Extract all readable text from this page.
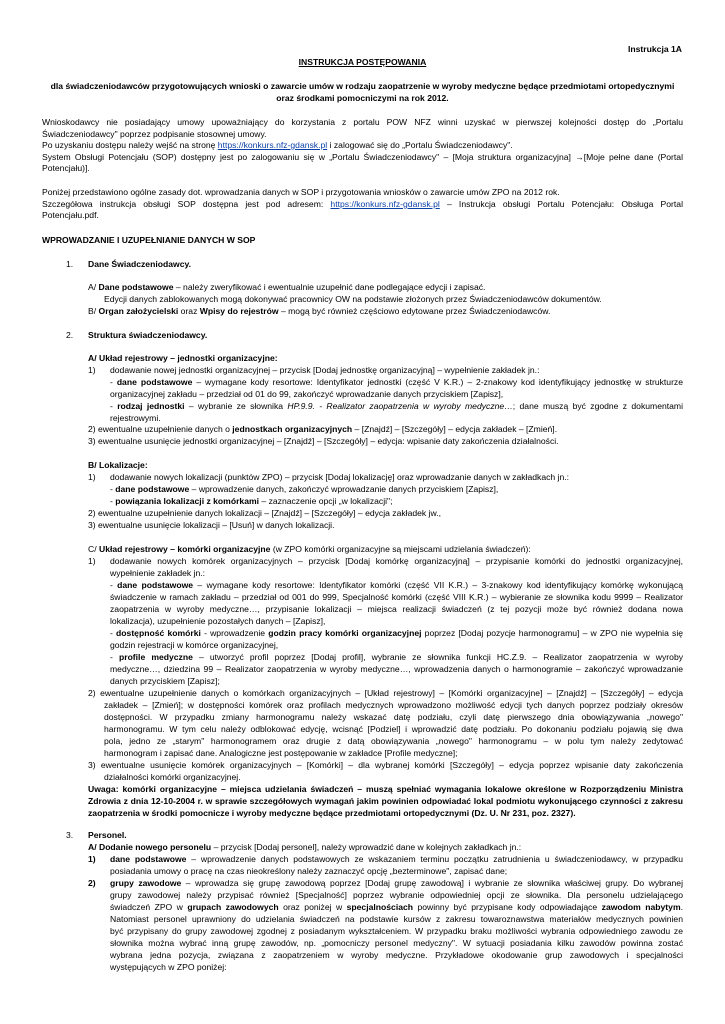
Instrukcja 1A
INSTRUKCJA POSTĘPOWANIA
dla świadczeniodawców przygotowujących wnioski o zawarcie umów w rodzaju zaopatrzenie w wyroby medyczne będące przedmiotami ortopedycznymi
oraz środkami pomocniczymi na rok 2012.
Wnioskodawcy nie posiadający umowy upoważniający do korzystania z portalu POW NFZ winni uzyskać w pierwszej kolejności dostęp do „Portalu
Świadczeniodawcy" poprzez podpisanie stosownej umowy.
Po uzyskaniu dostępu należy wejść na stronę https://konkurs.nfz-gdansk.pl i zalogować się do „Portalu Świadczeniodawcy".
System Obsługi Potencjału (SOP) dostępny jest po zalogowaniu się w „Portalu Świadczeniodawcy" – [Moja struktura organizacyjna] →[Moje pełne dane (Portal
Potencjału)].
Poniżej przedstawiono ogólne zasady dot. wprowadzania danych w SOP i przygotowania wniosków o zawarcie umów ZPO na 2012 rok.
Szczegółowa instrukcja obsługi SOP dostępna jest pod adresem: https://konkurs.nfz-gdansk.pl – Instrukcja obsługi Portalu Potencjału: Obsługa Portal
Potencjału.pdf.
WPROWADZANIE I UZUPEŁNIANIE DANYCH W SOP
1. Dane Świadczeniodawcy.
A/ Dane podstawowe – należy zweryfikować i ewentualnie uzupełnić dane podlegające edycji i zapisać.
Edycji danych zablokowanych mogą dokonywać pracownicy OW na podstawie złożonych przez Świadczeniodawców dokumentów.
B/ Organ założycielski oraz Wpisy do rejestrów – mogą być również częściowo edytowane przez Świadczeniodawców.
2. Struktura świadczeniodawcy.
A/ Układ rejestrowy – jednostki organizacyjne:
1) dodawanie nowej jednostki organizacyjnej – przycisk [Dodaj jednostkę organizacyjną] – wypełnienie zakładek jn.:
- dane podstawowe – wymagane kody resortowe: Identyfikator jednostki (część V K.R.) – 2-znakowy kod identyfikujący jednostkę w strukturze
organizacyjnej zakładu – przedział od 01 do 99, zakończyć wprowadzanie danych przyciskiem [Zapisz],
- rodzaj jednostki – wybranie ze słownika HP.9.9. - Realizator zaopatrzenia w wyroby medyczne…; dane muszą być zgodne z dokumentami
rejestrowymi.
2) ewentualne uzupełnienie danych o jednostkach organizacyjnych – [Znajdź] – [Szczegóły] – edycja zakładek – [Zmień].
3) ewentualne usunięcie jednostki organizacyjnej – [Znajdź] – [Szczegóły] – edycja: wpisanie daty zakończenia działalności.
B/ Lokalizacje:
1) dodawanie nowych lokalizacji (punktów ZPO) – przycisk [Dodaj lokalizację] oraz wprowadzanie danych w zakładkach jn.:
- dane podstawowe – wprowadzenie danych, zakończyć wprowadzanie danych przyciskiem [Zapisz],
- powiązania lokalizacji z komórkami – zaznaczenie opcji „w lokalizacji";
2) ewentualne uzupełnienie danych lokalizacji – [Znajdź] – [Szczegóły] – edycja zakładek jw.,
3) ewentualne usunięcie lokalizacji – [Usuń] w danych lokalizacji.
C/ Układ rejestrowy – komórki organizacyjne (w ZPO komórki organizacyjne są miejscami udzielania świadczeń):
1) dodawanie nowych komórek organizacyjnych – przycisk [Dodaj komórkę organizacyjną] – przypisanie komórki do jednostki organizacyjnej,
wypełnienie zakładek jn.:
- dane podstawowe – wymagane kody resortowe: Identyfikator komórki (część VII K.R.) – 3-znakowy kod identyfikujący komórkę wykonującą
świadczenie w ramach zakładu – przedział od 001 do 999, Specjalność komórki (część VIII K.R.) – wybieranie ze słownika kodu 9999 – Realizator
zaopatrzenia w wyroby medyczne…, przypisanie lokalizacji – miejsca realizacji świadczeń (z tej pozycji może być również dodana nowa
lokalizacja), uzupełnienie pozostałych danych – [Zapisz],
- dostępność komórki - wprowadzenie godzin pracy komórki organizacyjnej poprzez [Dodaj pozycje harmonogramu] – w ZPO nie wypełnia się
godzin rejestracji w komórce organizacyjnej,
- profile medyczne – utworzyć profil poprzez [Dodaj profil], wybranie ze słownika funkcji HC.Z.9. – Realizator zaopatrzenia w wyroby
medyczne…, dziedzina 99 – Realizator zaopatrzenia w wyroby medyczne…, wprowadzenia danych o harmonogramie – zakończyć wprowadzanie
danych przyciskiem [Zapisz];
2) ewentualne uzupełnienie danych o komórkach organizacyjnych – [Układ rejestrowy] – [Komórki organizacyjne] – [Znajdź] – [Szczegóły] – edycja
zakładek – [Zmień]; w dostępności komórek oraz profilach medycznych wprowadzono możliwość edycji tych danych poprzez podziały okresów
dostępności. W przypadku zmiany harmonogramu należy wskazać datę podziału, czyli datę pierwszego dnia obowiązywania „nowego"
harmonogramu. W tym celu należy odblokować edycję, wcisnąć [Podziel] i wprowadzić datę podziału. Po dokonaniu podziału pojawią się dwa
pola, jedno ze „starym" harmonogramem oraz drugie z datą obowiązywania „nowego" harmonogramu – w polu tym należy zedytować
harmonogram i zapisać dane. Analogiczne jest postępowanie w zakładce [Profile medyczne];
3) ewentualne usunięcie komórek organizacyjnych – [Komórki] – dla wybranej komórki [Szczegóły] – edycja poprzez wpisanie daty zakończenia
działalności komórki organizacyjnej.
Uwaga: komórki organizacyjne – miejsca udzielania świadczeń – muszą spełniać wymagania lokalowe określone w Rozporządzeniu Ministra
Zdrowia z dnia 12-10-2004 r. w sprawie szczegółowych wymagań jakim powinien odpowiadać lokal podmiotu wykonującego czynności z zakresu
zaopatrzenia w środki pomocnicze i wyroby medyczne będące przedmiotami ortopedycznymi (Dz. U. Nr 231, poz. 2327).
3. Personel.
A/ Dodanie nowego personelu – przycisk [Dodaj personel], należy wprowadzić dane w kolejnych zakładkach jn.:
1) dane podstawowe – wprowadzenie danych podstawowych ze wskazaniem terminu początku zatrudnienia u świadczeniodawcy, w przypadku
posiadania umowy o pracę na czas nieokreślony należy zaznaczyć opcję „bezterminowe", zapisać dane;
2) grupy zawodowe – wprowadza się grupę zawodową poprzez [Dodaj grupę zawodową] i wybranie ze słownika właściwej grupy. Do wybranej
grupy zawodowej należy przypisać również [Specjalność] poprzez wybranie odpowiedniej opcji ze słownika. Dla personelu udzielającego
świadczeń ZPO w grupach zawodowych oraz poniżej w specjalnościach powinny być przypisane kody odpowiadające zawodom nabytym.
Natomiast personel uprawniony do udzielania świadczeń na podstawie kursów z zakresu towaroznawstwa materiałów medycznych powinien
być przypisany do grupy zawodowej zgodnej z posiadanym wykształceniem. W przypadku braku możliwości wybrania odpowiedniego zawodu ze
słownika można wybrać inną grupę zawodów, np. „pomocniczy personel medyczny". W sytuacji posiadania kilku zawodów powinna zostać
wybrana jedna pozycja, związana z zaopatrzeniem w wyroby medyczne. Przykładowe okodowanie grup zawodowych i specjalności
występujących w ZPO poniżej:
